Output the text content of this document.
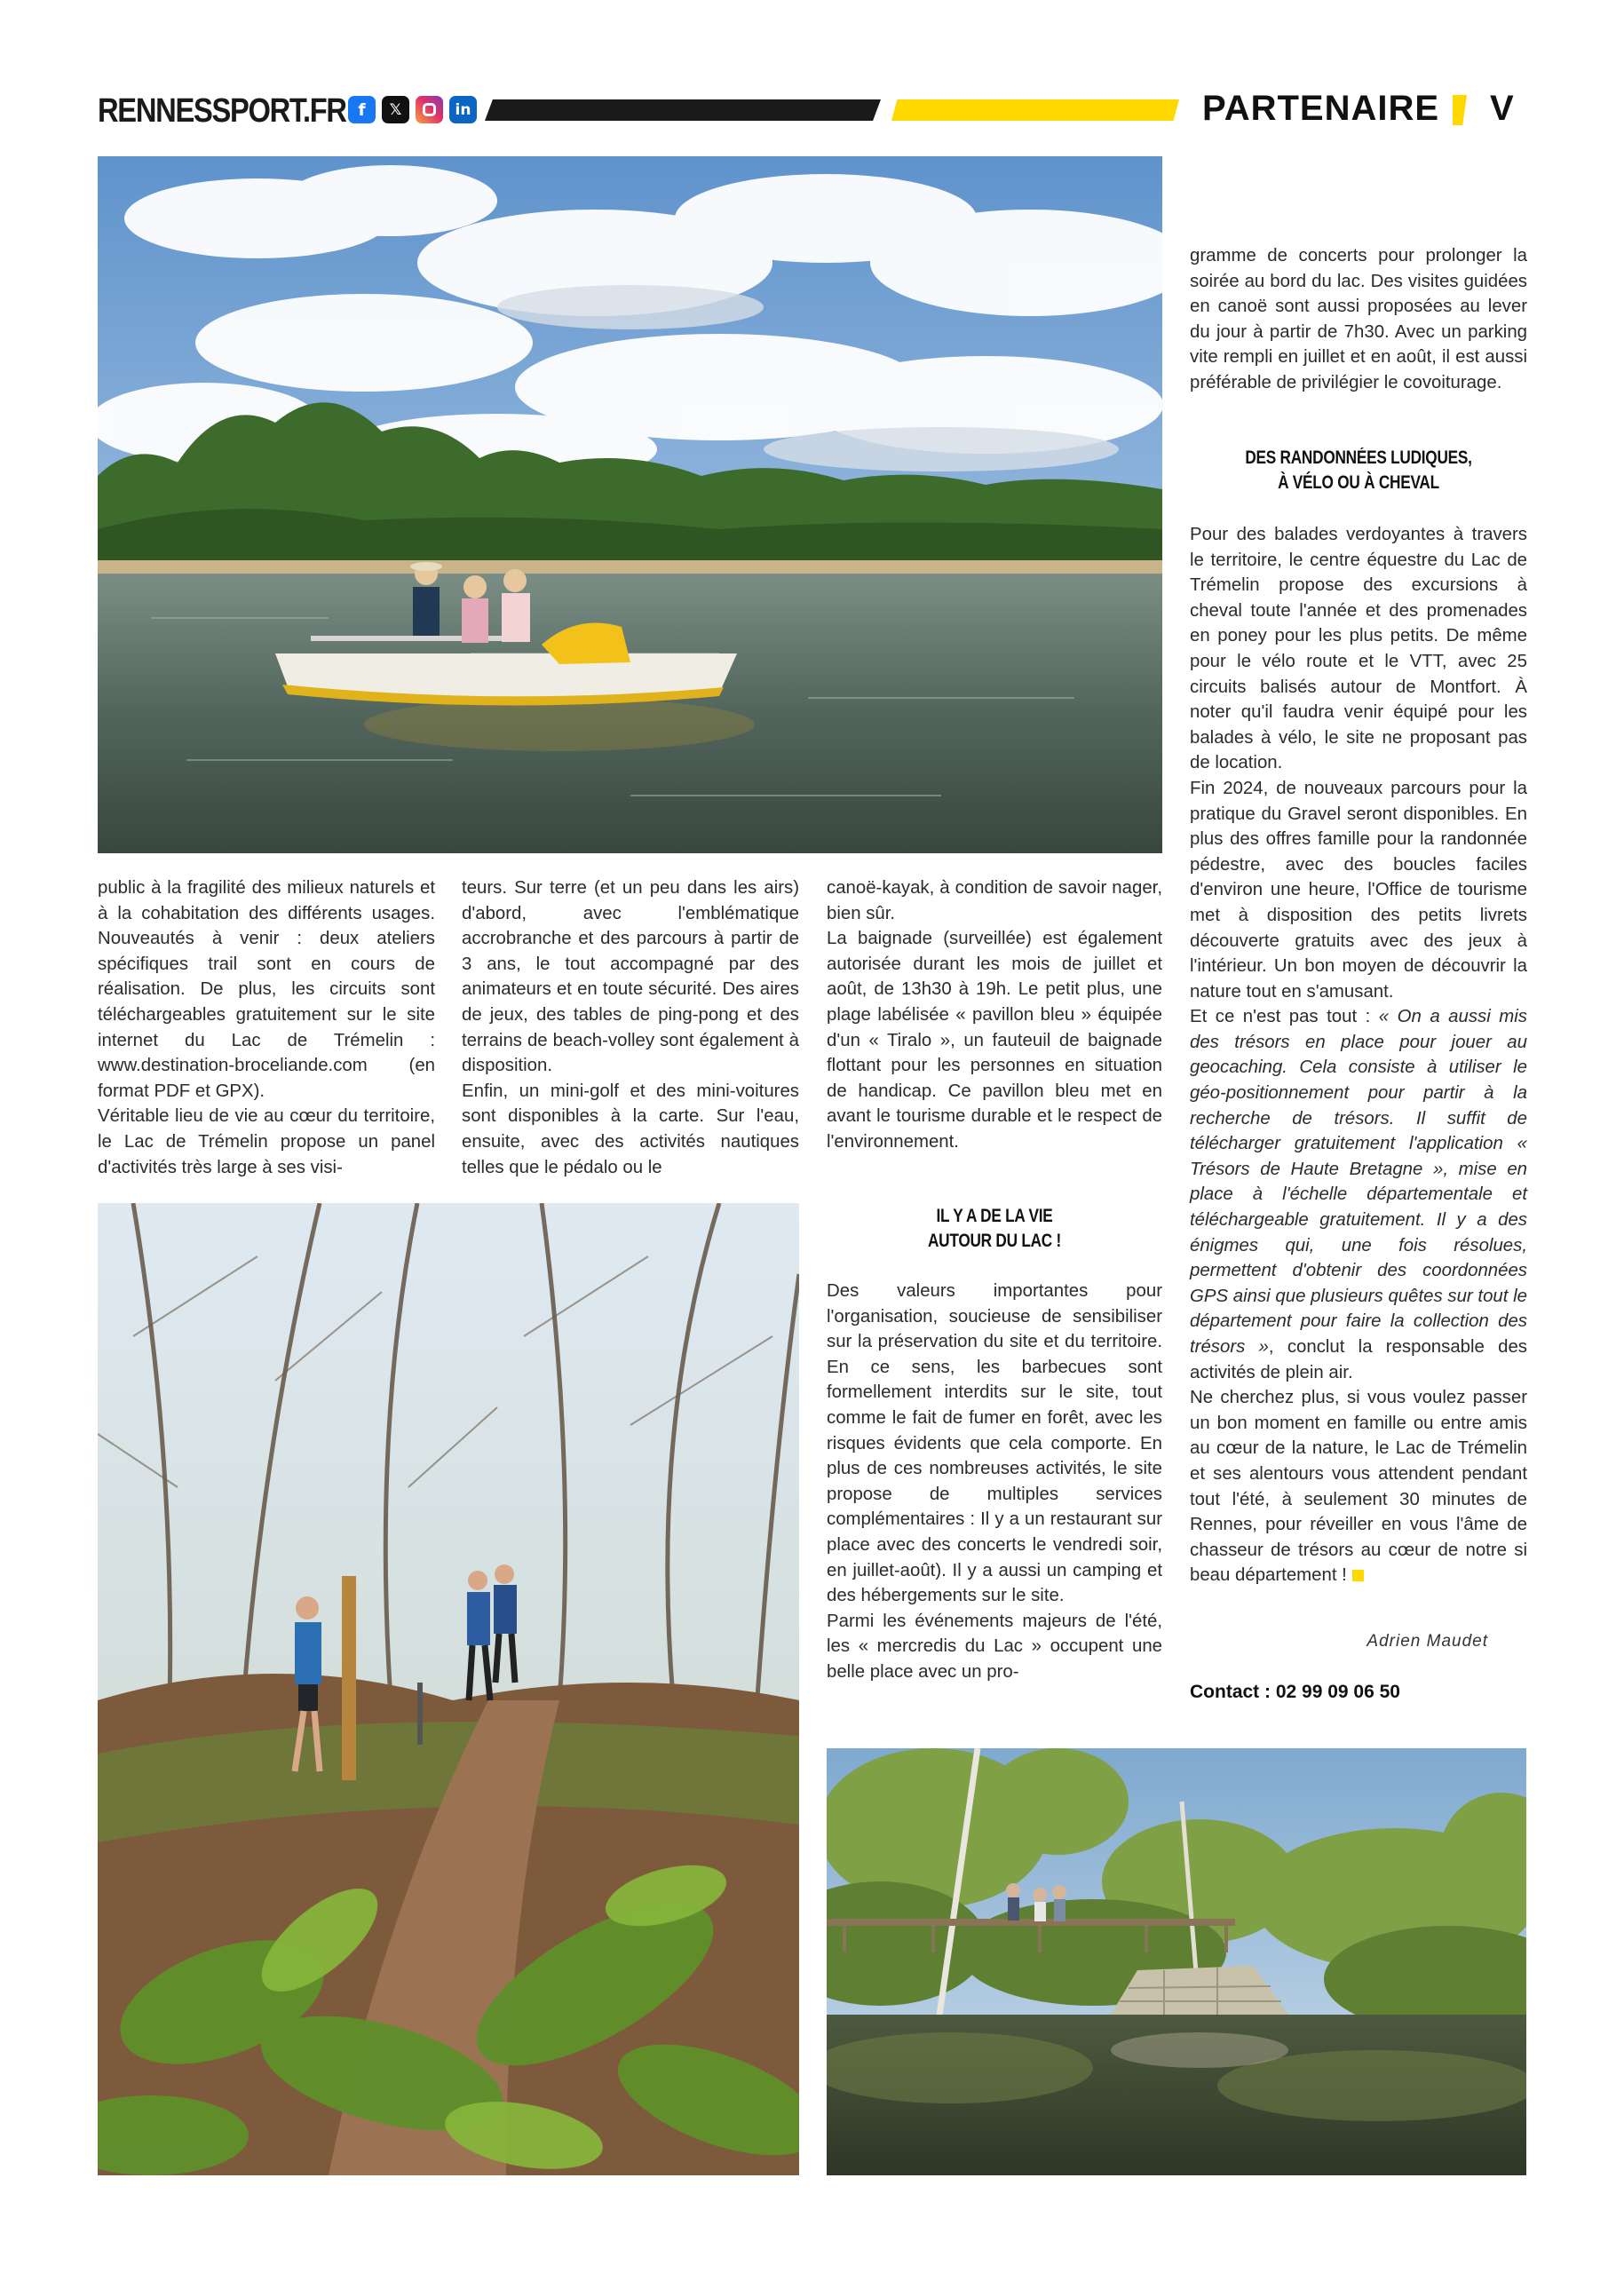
RENNESSPORT.FR f	𝕏	in	PARTENAIRE V

public à la fragilité des milieux naturels et à la cohabitation des différents usages. Nouveautés à venir : deux ateliers spécifiques trail sont en cours de réalisation. De plus, les circuits sont téléchargeables gratuitement sur le site internet du Lac de Trémelin : www.destination-broceliande.com (en format PDF et GPX).

Véritable lieu de vie au cœur du territoire, le Lac de Trémelin propose un panel d'activités très large à ses visi-

teurs. Sur terre (et un peu dans les airs) d'abord, avec l'emblématique accrobranche et des parcours à partir de 3 ans, le tout accompagné par des animateurs et en toute sécurité. Des aires de jeux, des tables de ping-pong et des terrains de beach-volley sont également à disposition.

Enfin, un mini-golf et des mini-voitures sont disponibles à la carte. Sur l'eau, ensuite, avec des activités nautiques telles que le pédalo ou le

canoë-kayak, à condition de savoir nager, bien sûr.

La baignade (surveillée) est également autorisée durant les mois de juillet et août, de 13h30 à 19h. Le petit plus, une plage labélisée « pavillon bleu » équipée d'un « Tiralo », un fauteuil de baignade flottant pour les personnes en situation de handicap. Ce pavillon bleu met en avant le tourisme durable et le respect de l'environnement.

IL Y A DE LA VIE
AUTOUR DU LAC !

Des valeurs importantes pour l'organisation, soucieuse de sensibiliser sur la préservation du site et du territoire. En ce sens, les barbecues sont formellement interdits sur le site, tout comme le fait de fumer en forêt, avec les risques évidents que cela comporte. En plus de ces nombreuses activités, le site propose de multiples services complémentaires : Il y a un restaurant sur place avec des concerts le vendredi soir, en juillet-août). Il y a aussi un camping et des hébergements sur le site.

Parmi les événements majeurs de l'été, les « mercredis du Lac » occupent une belle place avec un pro-

gramme de concerts pour prolonger la soirée au bord du lac. Des visites guidées en canoë sont aussi proposées au lever du jour à partir de 7h30. Avec un parking vite rempli en juillet et en août, il est aussi préférable de privilégier le covoiturage.

DES RANDONNÉES LUDIQUES,
À VÉLO OU À CHEVAL

Pour des balades verdoyantes à travers le territoire, le centre équestre du Lac de Trémelin propose des excursions à cheval toute l'année et des promenades en poney pour les plus petits. De même pour le vélo route et le VTT, avec 25 circuits balisés autour de Montfort. À noter qu'il faudra venir équipé pour les balades à vélo, le site ne proposant pas de location.

Fin 2024, de nouveaux parcours pour la pratique du Gravel seront disponibles. En plus des offres famille pour la randonnée pédestre, avec des boucles faciles d'environ une heure, l'Office de tourisme met à disposition des petits livrets découverte gratuits avec des jeux à l'intérieur. Un bon moyen de découvrir la nature tout en s'amusant.

Et ce n'est pas tout : « On a aussi mis des trésors en place pour jouer au geocaching. Cela consiste à utiliser le géo-positionnement pour partir à la recherche de trésors. Il suffit de télécharger gratuitement l'application « Trésors de Haute Bretagne », mise en place à l'échelle départementale et téléchargeable gratuitement. Il y a des énigmes qui, une fois résolues, permettent d'obtenir des coordonnées GPS ainsi que plusieurs quêtes sur tout le département pour faire la collection des trésors », conclut la responsable des activités de plein air.

Ne cherchez plus, si vous voulez passer un bon moment en famille ou entre amis au cœur de la nature, le Lac de Trémelin et ses alentours vous attendent pendant tout l'été, à seulement 30 minutes de Rennes, pour réveiller en vous l'âme de chasseur de trésors au cœur de notre si beau département !

Adrien Maudet
Contact : 02 99 09 06 50
